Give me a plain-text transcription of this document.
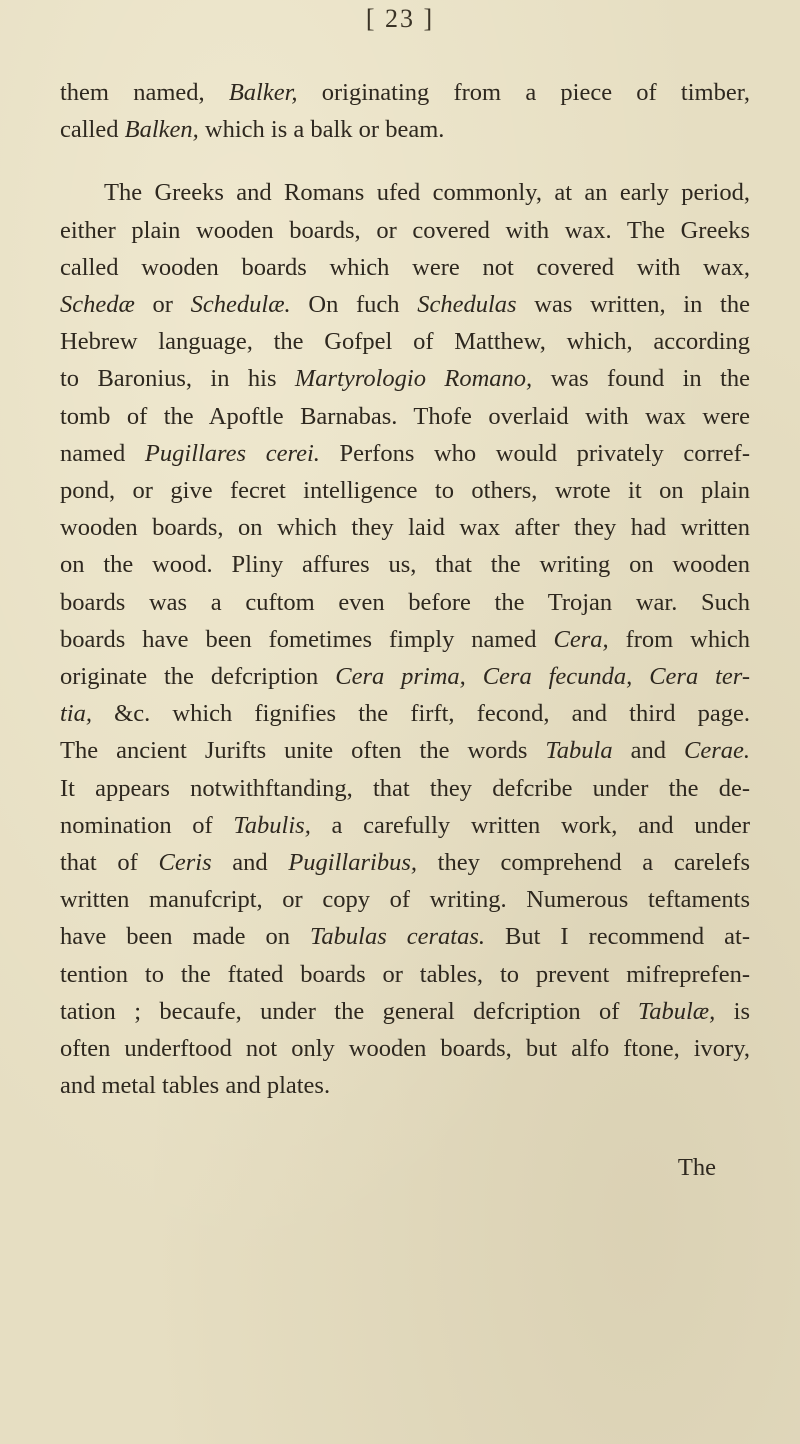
[ 23 ]
them named, Balker, originating from a piece of timber,
called Balken, which is a balk or beam.
The Greeks and Romans ufed commonly, at an early period,
either plain wooden boards, or covered with wax. The Greeks
called wooden boards which were not covered with wax,
Schedæ or Schedulæ. On fuch Schedulas was written, in the
Hebrew language, the Gofpel of Matthew, which, according
to Baronius, in his Martyrologio Romano, was found in the
tomb of the Apoftle Barnabas. Thofe overlaid with wax were
named Pugillares cerei. Perfons who would privately corref-
pond, or give fecret intelligence to others, wrote it on plain
wooden boards, on which they laid wax after they had written
on the wood. Pliny affures us, that the writing on wooden
boards was a cuftom even before the Trojan war. Such
boards have been fometimes fimply named Cera, from which
originate the defcription Cera prima, Cera fecunda, Cera ter-
tia, &c. which fignifies the firft, fecond, and third page.
The ancient Jurifts unite often the words Tabula and Cerae.
It appears notwithftanding, that they defcribe under the de-
nomination of Tabulis, a carefully written work, and under
that of Ceris and Pugillaribus, they comprehend a carelefs
written manufcript, or copy of writing. Numerous teftaments
have been made on Tabulas ceratas. But I recommend at-
tention to the ftated boards or tables, to prevent mifreprefen-
tation ; becaufe, under the general defcription of Tabulæ, is
often underftood not only wooden boards, but alfo ftone, ivory,
and metal tables and plates.
The
